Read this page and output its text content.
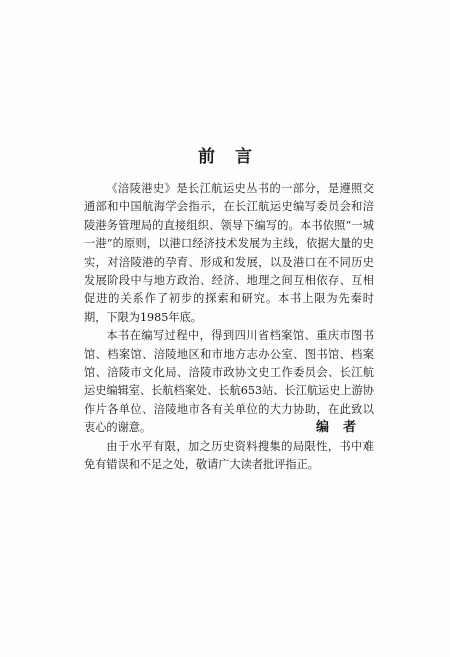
前言

《涪陵港史》是长江航运史丛书的一部分，是遵照交通部和中国航海学会指示，在长江航运史编写委员会和涪陵港务管理局的直接组织、领导下编写的。本书依照“一城一港”的原则，以港口经济技术发展为主线，依据大量的史实，对涪陵港的孕育、形成和发展，以及港口在不同历史发展阶段中与地方政治、经济、地理之间互相依存、互相促进的关系作了初步的探索和研究。本书上限为先秦时期，下限为1985年底。

本书在编写过程中，得到四川省档案馆、重庆市图书馆、档案馆、涪陵地区和市地方志办公室、图书馆、档案馆、涪陵市文化局、涪陵市政协文史工作委员会、长江航运史编辑室、长航档案处、长航653站、长江航运史上游协作片各单位、涪陵地市各有关单位的大力协助，在此致以衷心的谢意。

由于水平有限，加之历史资料搜集的局限性，书中难免有错误和不足之处，敬请广大读者批评指正。

编者
